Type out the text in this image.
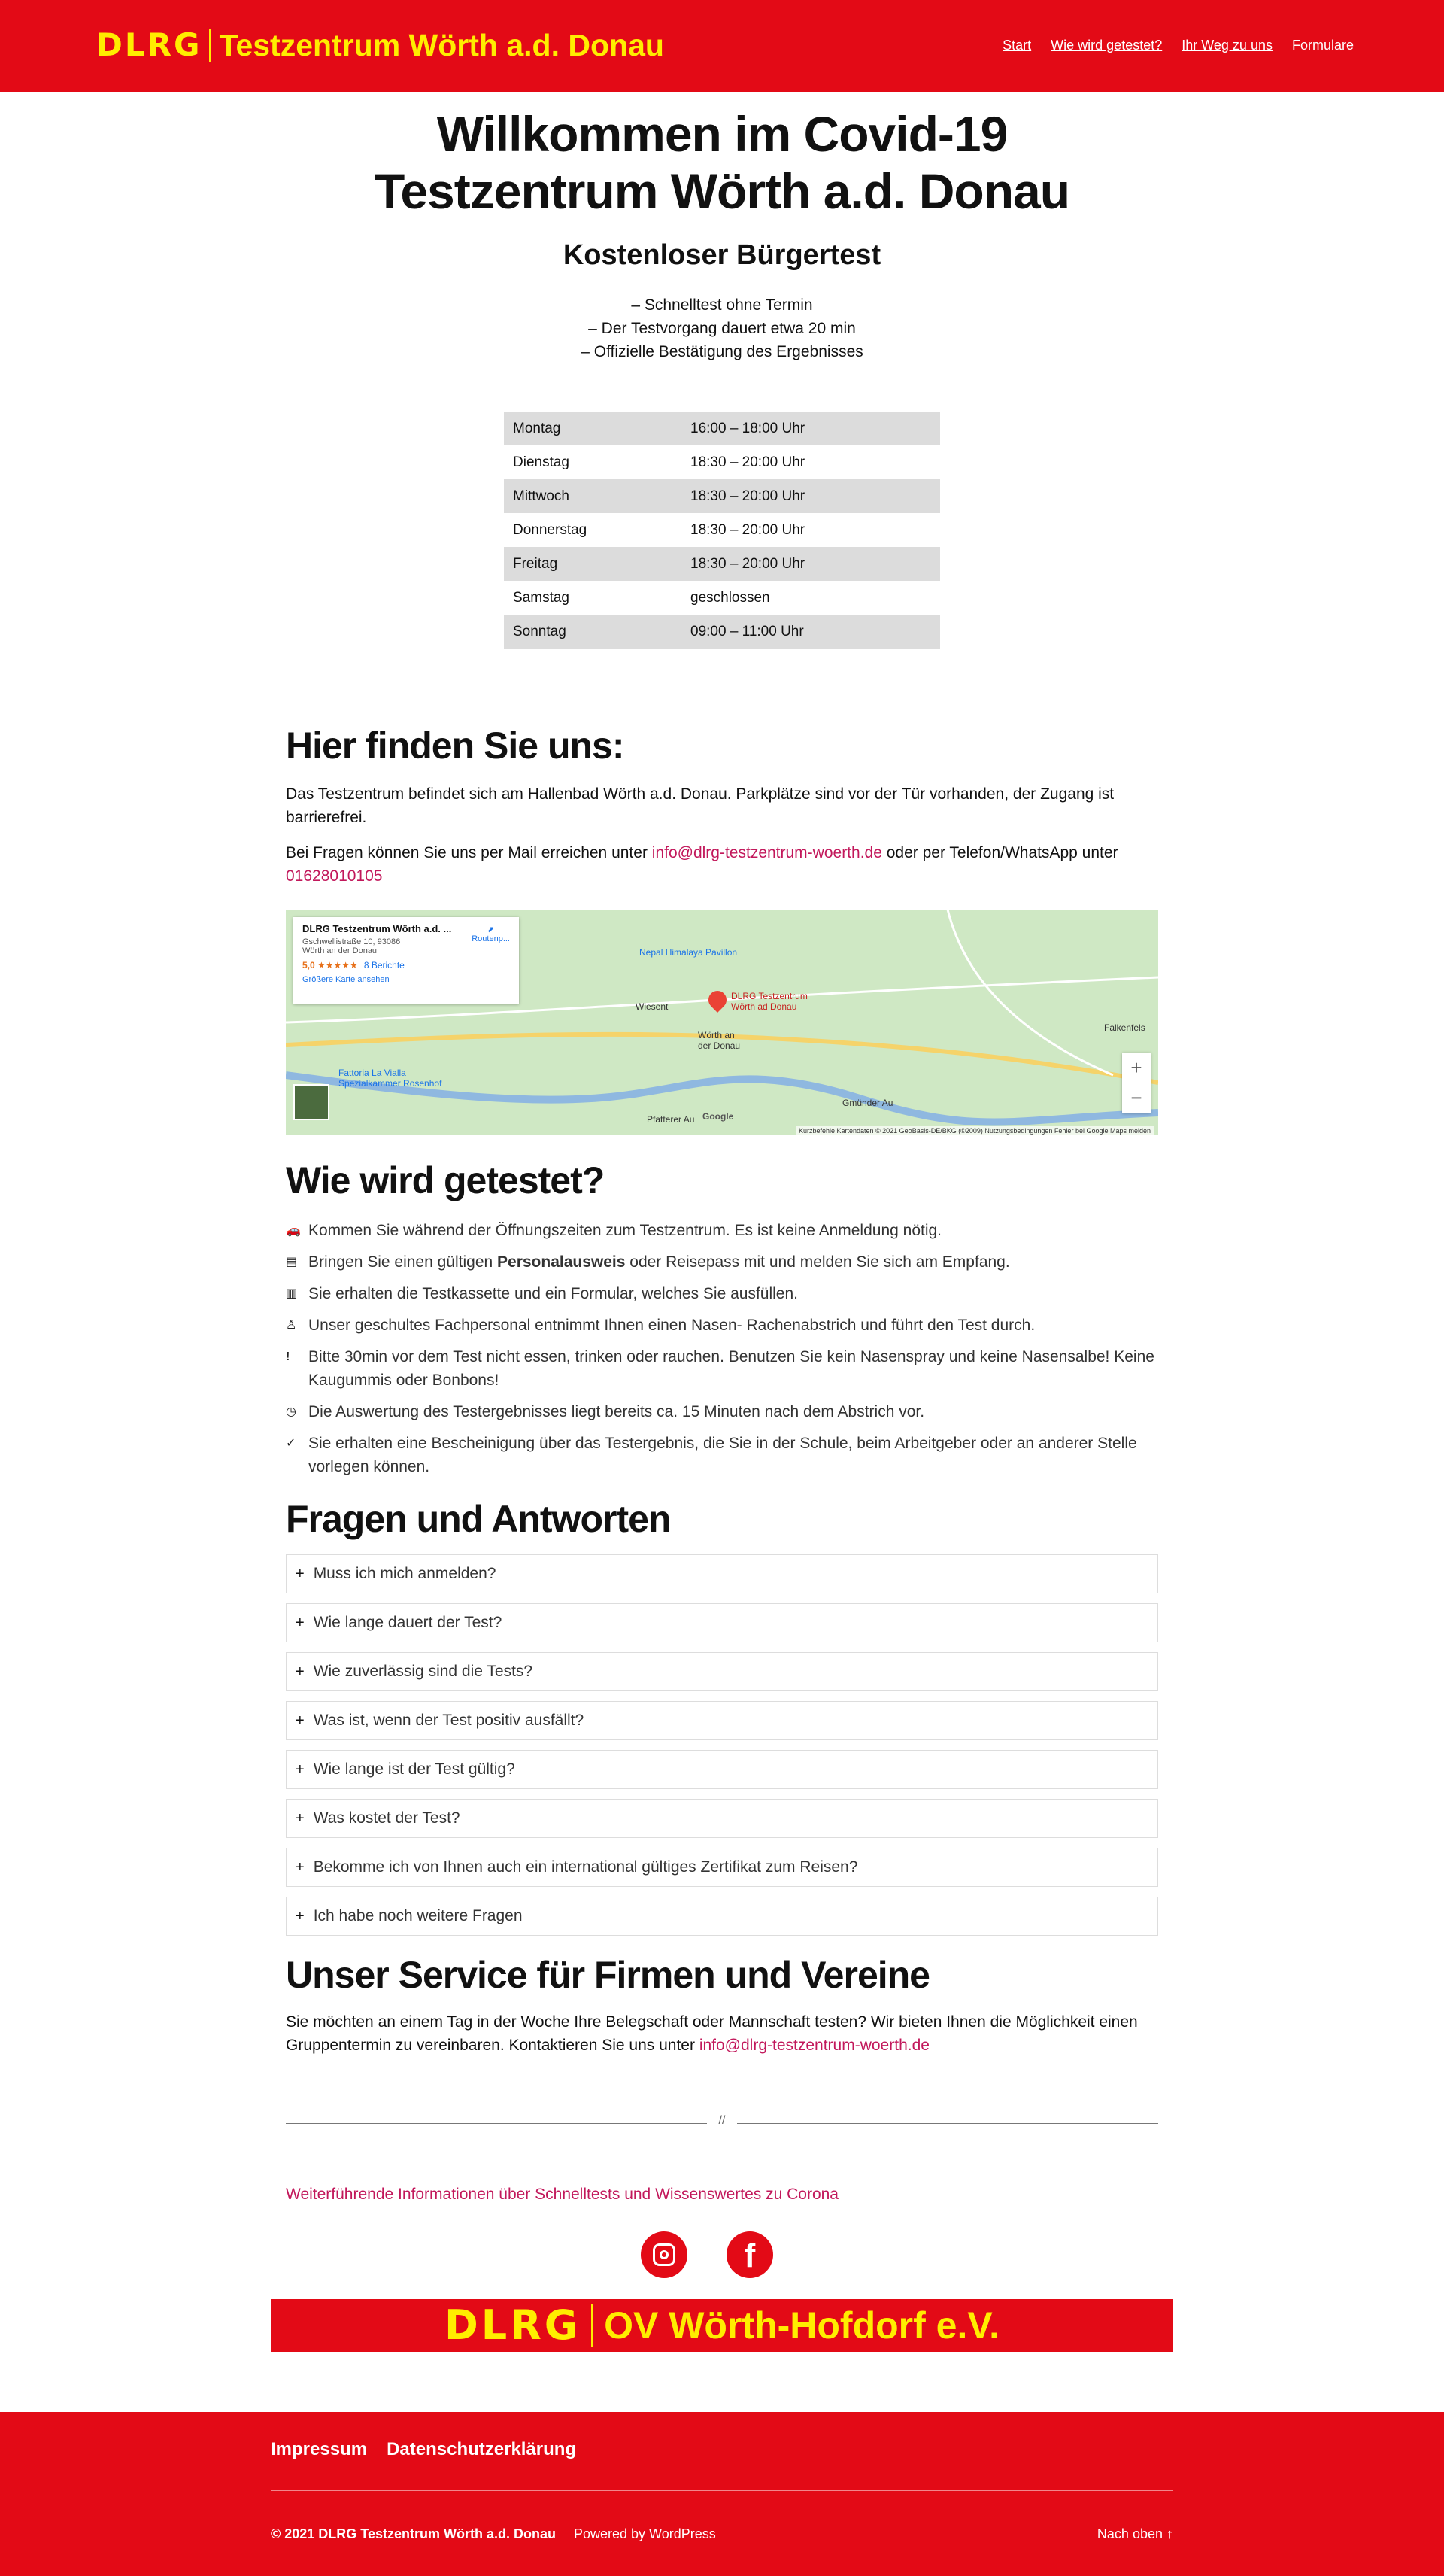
DLRG Testzentrum Wörth a.d. Donau	Start Wie wird getestet? Ihr Weg zu uns Formulare
Willkommen im Covid-19
Testzentrum Wörth a.d. Donau
Kostenloser Bürgertest
– Schnelltest ohne Termin
– Der Testvorgang dauert etwa 20 min
– Offizielle Bestätigung des Ergebnisses
Montag	16:00 – 18:00 Uhr
Dienstag	18:30 – 20:00 Uhr
Mittwoch	18:30 – 20:00 Uhr
Donnerstag	18:30 – 20:00 Uhr
Freitag	18:30 – 20:00 Uhr
Samstag	geschlossen
Sonntag	09:00 – 11:00 Uhr
Hier finden Sie uns:

Das Testzentrum befindet sich am Hallenbad Wörth a.d. Donau. Parkplätze sind vor der Tür vorhanden, der Zugang ist barrierefrei.

Bei Fragen können Sie uns per Mail erreichen unter info@dlrg-testzentrum-woerth.de oder per Telefon/WhatsApp unter 01628010105

DLRG Testzentrum Wörth a.d. ...
Gschwellistraße 10, 93086 Wörth an der Donau
5,0 ★★★★★ 8 Berichte
Größere Karte ansehen
⬈
Routenp...
Nepal Himalaya Pavillon
Wiesent
Wörth an der Donau
Fattoria La Vialla Spezialkammer Rosenhof
Gmünder Au
Pfatterer Au
Falkenfels
Google
DLRG Testzentrum Wörth ad Donau
+
−
Kurzbefehle Kartendaten © 2021 GeoBasis-DE/BKG (©2009) Nutzungsbedingungen Fehler bei Google Maps melden
Wie wird getestet?
🚗 Kommen Sie während der Öffnungszeiten zum Testzentrum. Es ist keine Anmeldung nötig.
▤ Bringen Sie einen gültigen Personalausweis oder Reisepass mit und melden Sie sich am Empfang.
▥ Sie erhalten die Testkassette und ein Formular, welches Sie ausfüllen.
♙ Unser geschultes Fachpersonal entnimmt Ihnen einen Nasen- Rachenabstrich und führt den Test durch.
!	Bitte 30min vor dem Test nicht essen, trinken oder rauchen. Benutzen Sie kein Nasenspray und keine Nasensalbe! Keine Kaugummis oder Bonbons!
◷ Die Auswertung des Testergebnisses liegt bereits ca. 15 Minuten nach dem Abstrich vor.
✓ Sie erhalten eine Bescheinigung über das Testergebnis, die Sie in der Schule, beim Arbeitgeber oder an anderer Stelle vorlegen können.
Fragen und Antworten
+ Muss ich mich anmelden?
+ Wie lange dauert der Test?
+ Wie zuverlässig sind die Tests?
+ Was ist, wenn der Test positiv ausfällt?
+ Wie lange ist der Test gültig?
+ Was kostet der Test?
+ Bekomme ich von Ihnen auch ein international gültiges Zertifikat zum Reisen?
+ Ich habe noch weitere Fragen
Unser Service für Firmen und Vereine

Sie möchten an einem Tag in der Woche Ihre Belegschaft oder Mannschaft testen? Wir bieten Ihnen die Möglichkeit einen Gruppentermin zu vereinbaren. Kontaktieren Sie uns unter info@dlrg-testzentrum-woerth.de

//
Weiterführende Informationen über Schnelltests und Wissenswertes zu Corona
f
DLRG OV Wörth-Hofdorf e.V.
Impressum Datenschutzerklärung
© 2021 DLRG Testzentrum Wörth a.d. Donau Powered by WordPress	Nach oben ↑
